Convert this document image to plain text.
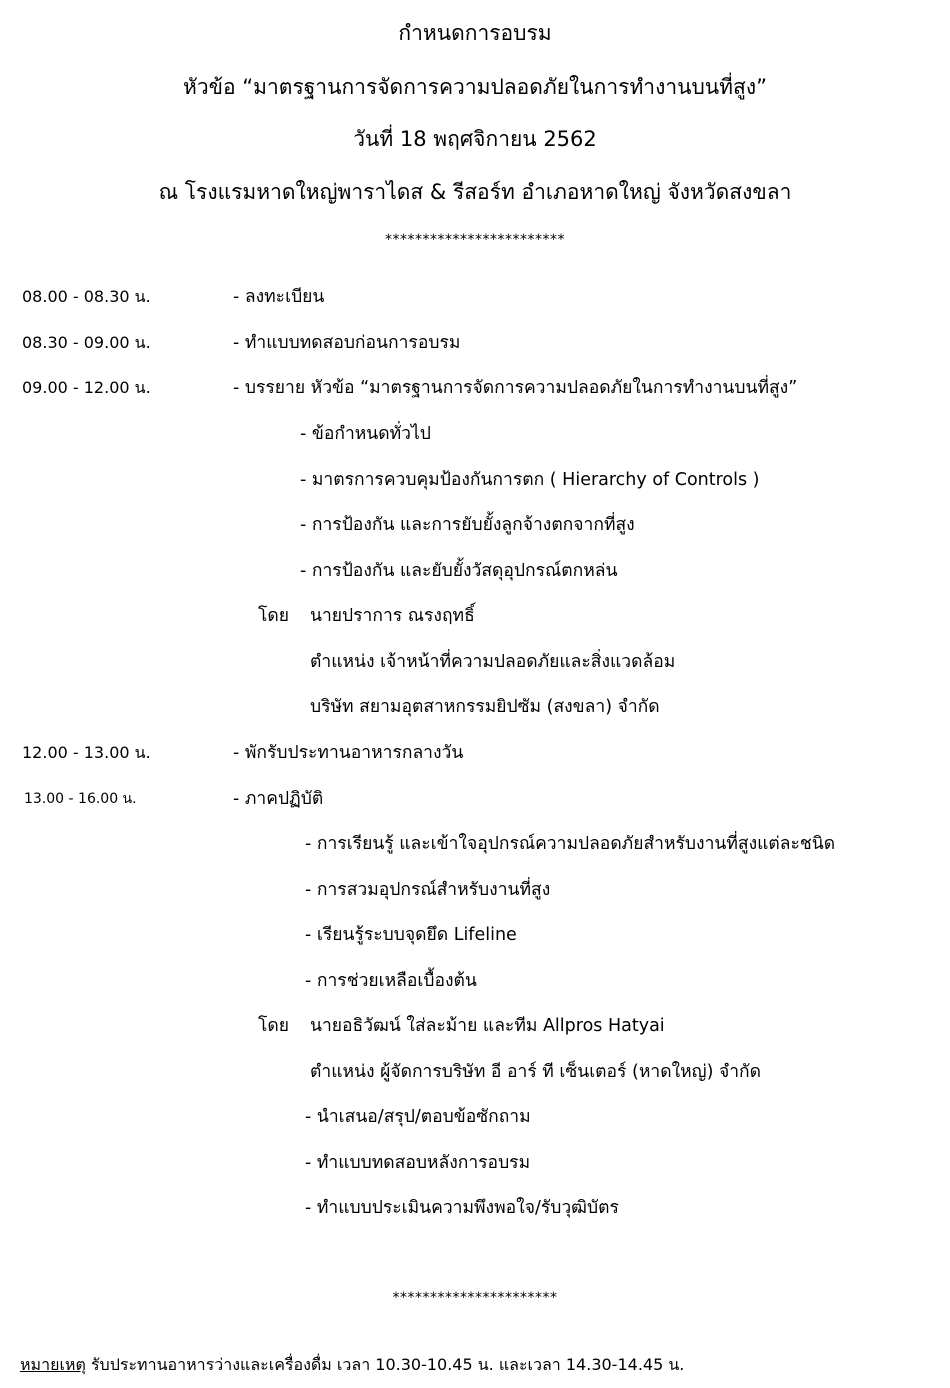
กำหนดการอบรม
หัวข้อ “มาตรฐานการจัดการความปลอดภัยในการทำงานบนที่สูง”
วันที่ 18 พฤศจิกายน 2562
ณ โรงแรมหาดใหญ่พาราไดส & รีสอร์ท อำเภอหาดใหญ่ จังหวัดสงขลา
************************
08.00 - 08.30 น.	- ลงทะเบียน
08.30 - 09.00 น.	- ทำแบบทดสอบก่อนการอบรม
09.00 - 12.00 น.	- บรรยาย หัวข้อ “มาตรฐานการจัดการความปลอดภัยในการทำงานบนที่สูง”
- ข้อกำหนดทั่วไป
- มาตรการควบคุมป้องกันการตก ( Hierarchy of Controls )
- การป้องกัน และการยับยั้งลูกจ้างตกจากที่สูง
- การป้องกัน และยับยั้งวัสดุอุปกรณ์ตกหล่น
โดย นายปราการ ณรงฤทธิ์
ตำแหน่ง เจ้าหน้าที่ความปลอดภัยและสิ่งแวดล้อม
บริษัท สยามอุตสาหกรรมยิปซัม (สงขลา) จำกัด
12.00 - 13.00 น.	- พักรับประทานอาหารกลางวัน
13.00 - 16.00 น.	- ภาคปฏิบัติ
- การเรียนรู้ และเข้าใจอุปกรณ์ความปลอดภัยสำหรับงานที่สูงแต่ละชนิด
- การสวมอุปกรณ์สำหรับงานที่สูง
- เรียนรู้ระบบจุดยึด Lifeline
- การช่วยเหลือเบื้องต้น
โดย นายอธิวัฒน์ ใส่ละม้าย และทีม Allpros Hatyai
ตำแหน่ง ผู้จัดการบริษัท อี อาร์ ที เซ็นเตอร์ (หาดใหญ่) จำกัด
- นำเสนอ/สรุป/ตอบข้อซักถาม
- ทำแบบทดสอบหลังการอบรม
- ทำแบบประเมินความพึงพอใจ/รับวุฒิบัตร
**********************
หมายเหตุ รับประทานอาหารว่างและเครื่องดื่ม เวลา 10.30-10.45 น. และเวลา 14.30-14.45 น.
